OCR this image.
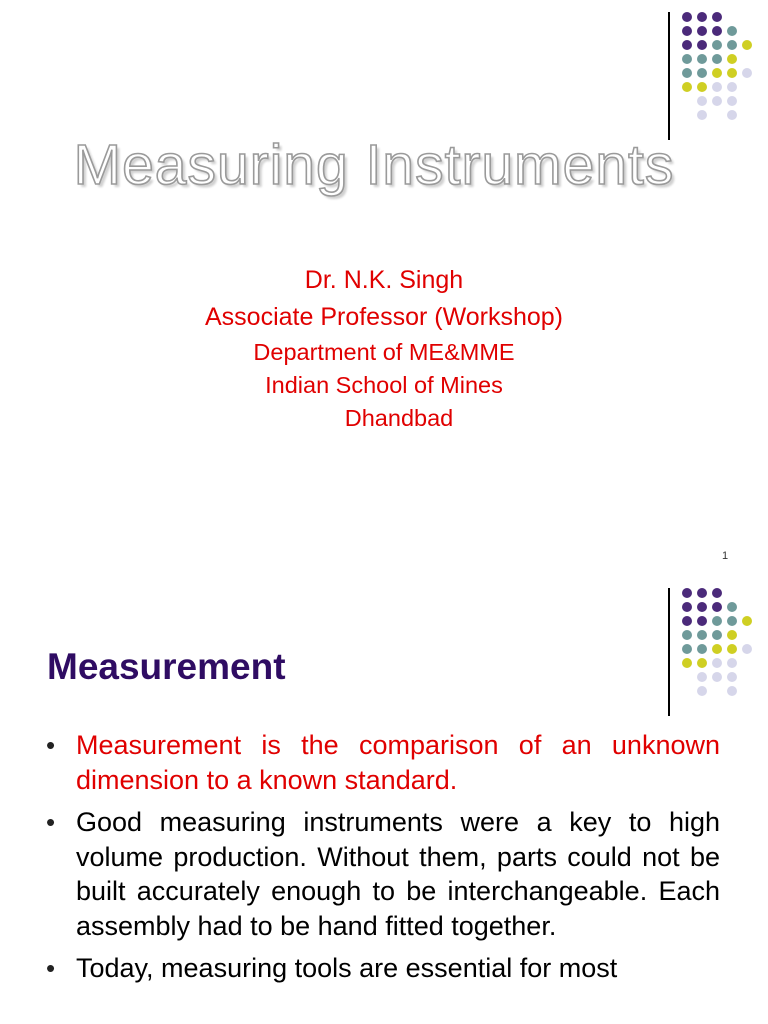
Measuring Instruments
Dr. N.K. Singh
Associate Professor (Workshop)
Department of ME&MME
Indian School of Mines
Dhandbad
1
Measurement
• Measurement is the comparison of an unknown dimension to a known standard.
• Good measuring instruments were a key to high volume production. Without them, parts could not be built accurately enough to be interchangeable. Each assembly had to be hand fitted together.
• Today, measuring tools are essential for most
